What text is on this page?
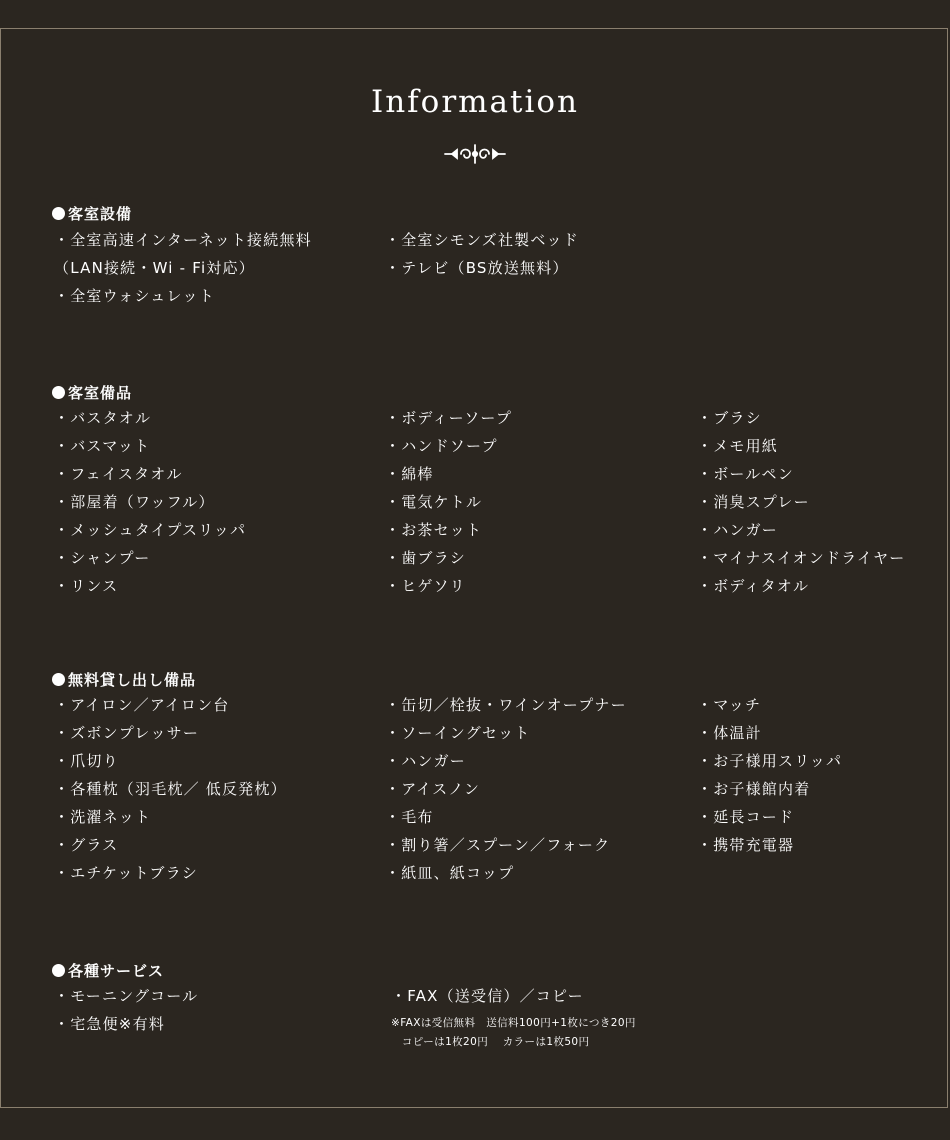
Information
客室設備
・全室高速インターネット接続無料
（LAN接続・Wi - Fi対応）
・全室ウォシュレット
・全室シモンズ社製ベッド
・テレビ（BS放送無料）
客室備品
・バスタオル
・バスマット
・フェイスタオル
・部屋着（ワッフル）
・メッシュタイプスリッパ
・シャンプー
・リンス
・ボディーソープ
・ハンドソープ
・綿棒
・電気ケトル
・お茶セット
・歯ブラシ
・ヒゲソリ
・ブラシ
・メモ用紙
・ボールペン
・消臭スプレー
・ハンガー
・マイナスイオンドライヤー
・ボディタオル
無料貸し出し備品
・アイロン／アイロン台
・ズボンプレッサー
・爪切り
・各種枕（羽毛枕／ 低反発枕）
・洗濯ネット
・グラス
・エチケットブラシ
・缶切／栓抜・ワインオープナー
・ソーイングセット
・ハンガー
・アイスノン
・毛布
・割り箸／スプーン／フォーク
・紙皿、紙コップ
・マッチ
・体温計
・お子様用スリッパ
・お子様館内着
・延長コード
・携帯充電器
各種サービス
・モーニングコール
・宅急便※有料
・FAX（送受信）／コピー
※FAXは受信無料　送信料100円+1枚につき20円
　コピーは1枚20円　 カラーは1枚50円
